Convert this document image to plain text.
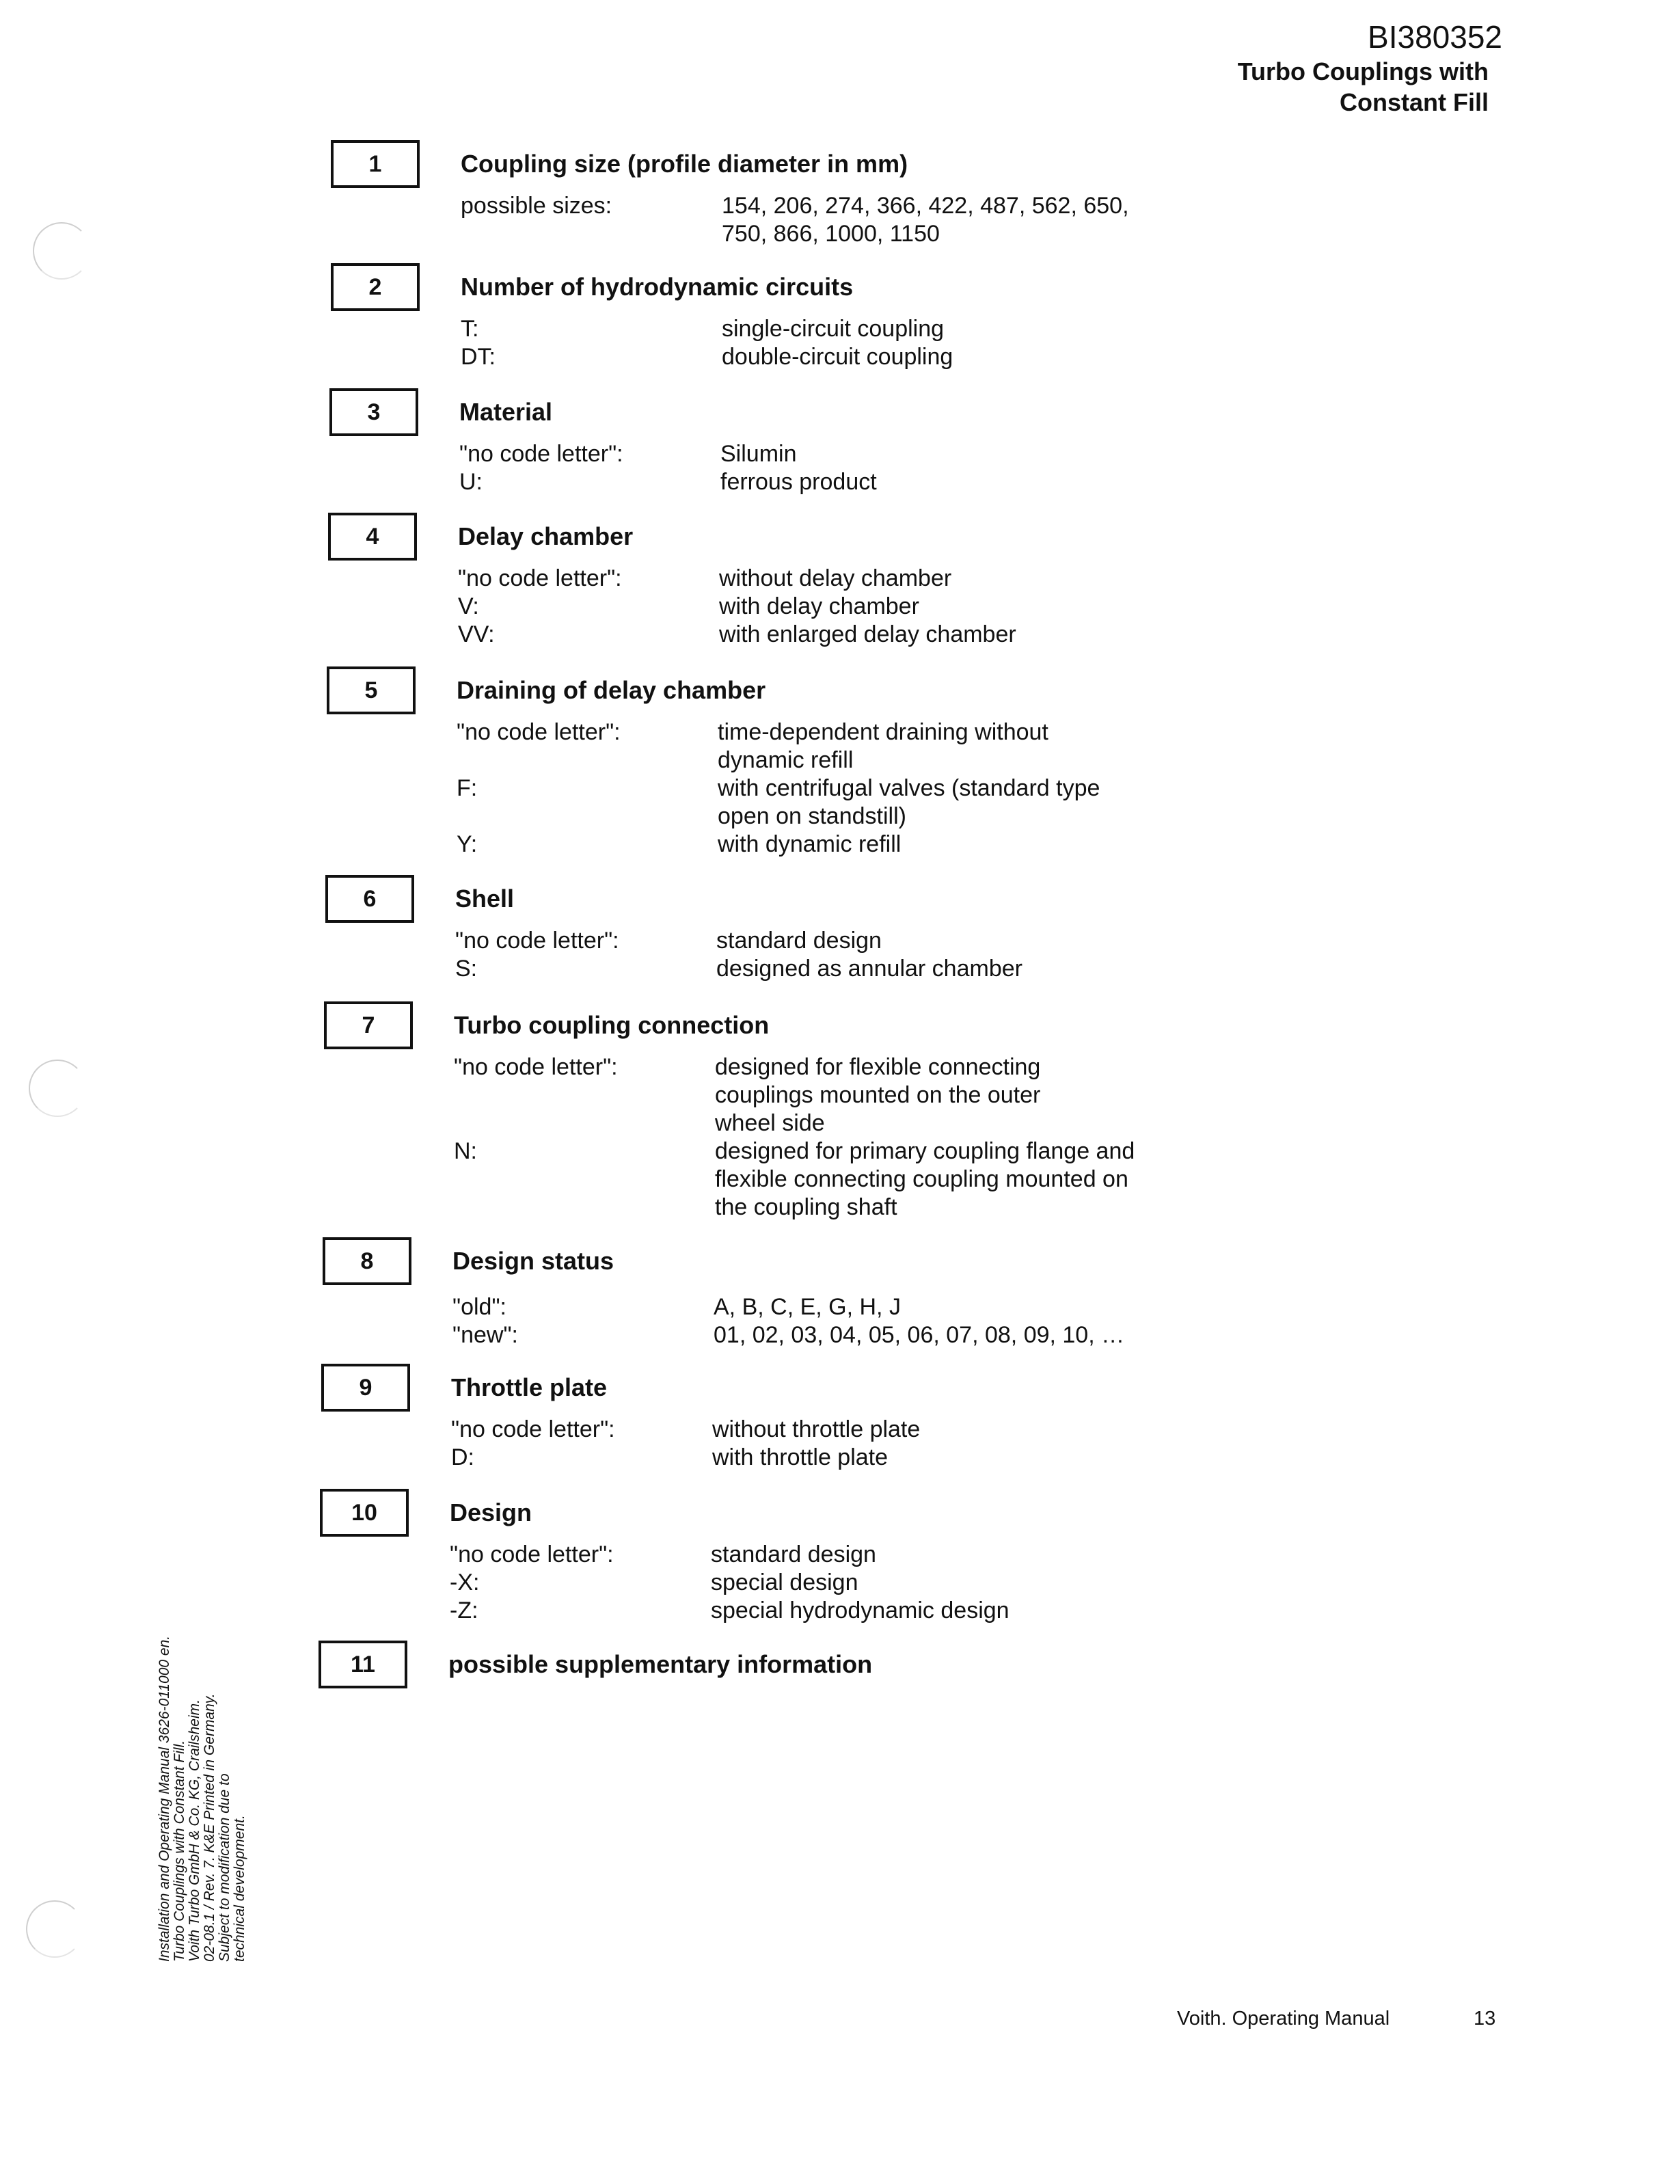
BI380352
Turbo Couplings with
Constant Fill
1	Coupling size (profile diameter in mm)
possible sizes:	154, 206, 274, 366, 422, 487, 562, 650,
750, 866, 1000, 1150
2	Number of hydrodynamic circuits
T:	single-circuit coupling
DT:	double-circuit coupling
3	Material
"no code letter":	Silumin
U:	ferrous product
4	Delay chamber
"no code letter":	without delay chamber
V:	with delay chamber
VV:	with enlarged delay chamber
5	Draining of delay chamber
"no code letter":	time-dependent draining without
dynamic refill
F:	with centrifugal valves (standard type
open on standstill)
Y:	with dynamic refill
6	Shell
"no code letter":	standard design
S:	designed as annular chamber
7	Turbo coupling connection
"no code letter":	designed for flexible connecting
couplings mounted on the outer
wheel side
N:	designed for primary coupling flange and
flexible connecting coupling mounted on
the coupling shaft
8	Design status
"old":	A, B, C, E, G, H, J
"new":	01, 02, 03, 04, 05, 06, 07, 08, 09, 10, …
9	Throttle plate
"no code letter":	without throttle plate
D:	with throttle plate
10	Design
"no code letter":	standard design
-X:	special design
-Z:	special hydrodynamic design
11	possible supplementary information
Installation and Operating Manual 3626-011000 en.
Turbo Couplings with Constant Fill.
Voith Turbo GmbH & Co. KG, Crailsheim.
02-08.1 / Rev. 7. K&E Printed in Germany.
Subject to modification due to
technical development.
Voith. Operating Manual	13
